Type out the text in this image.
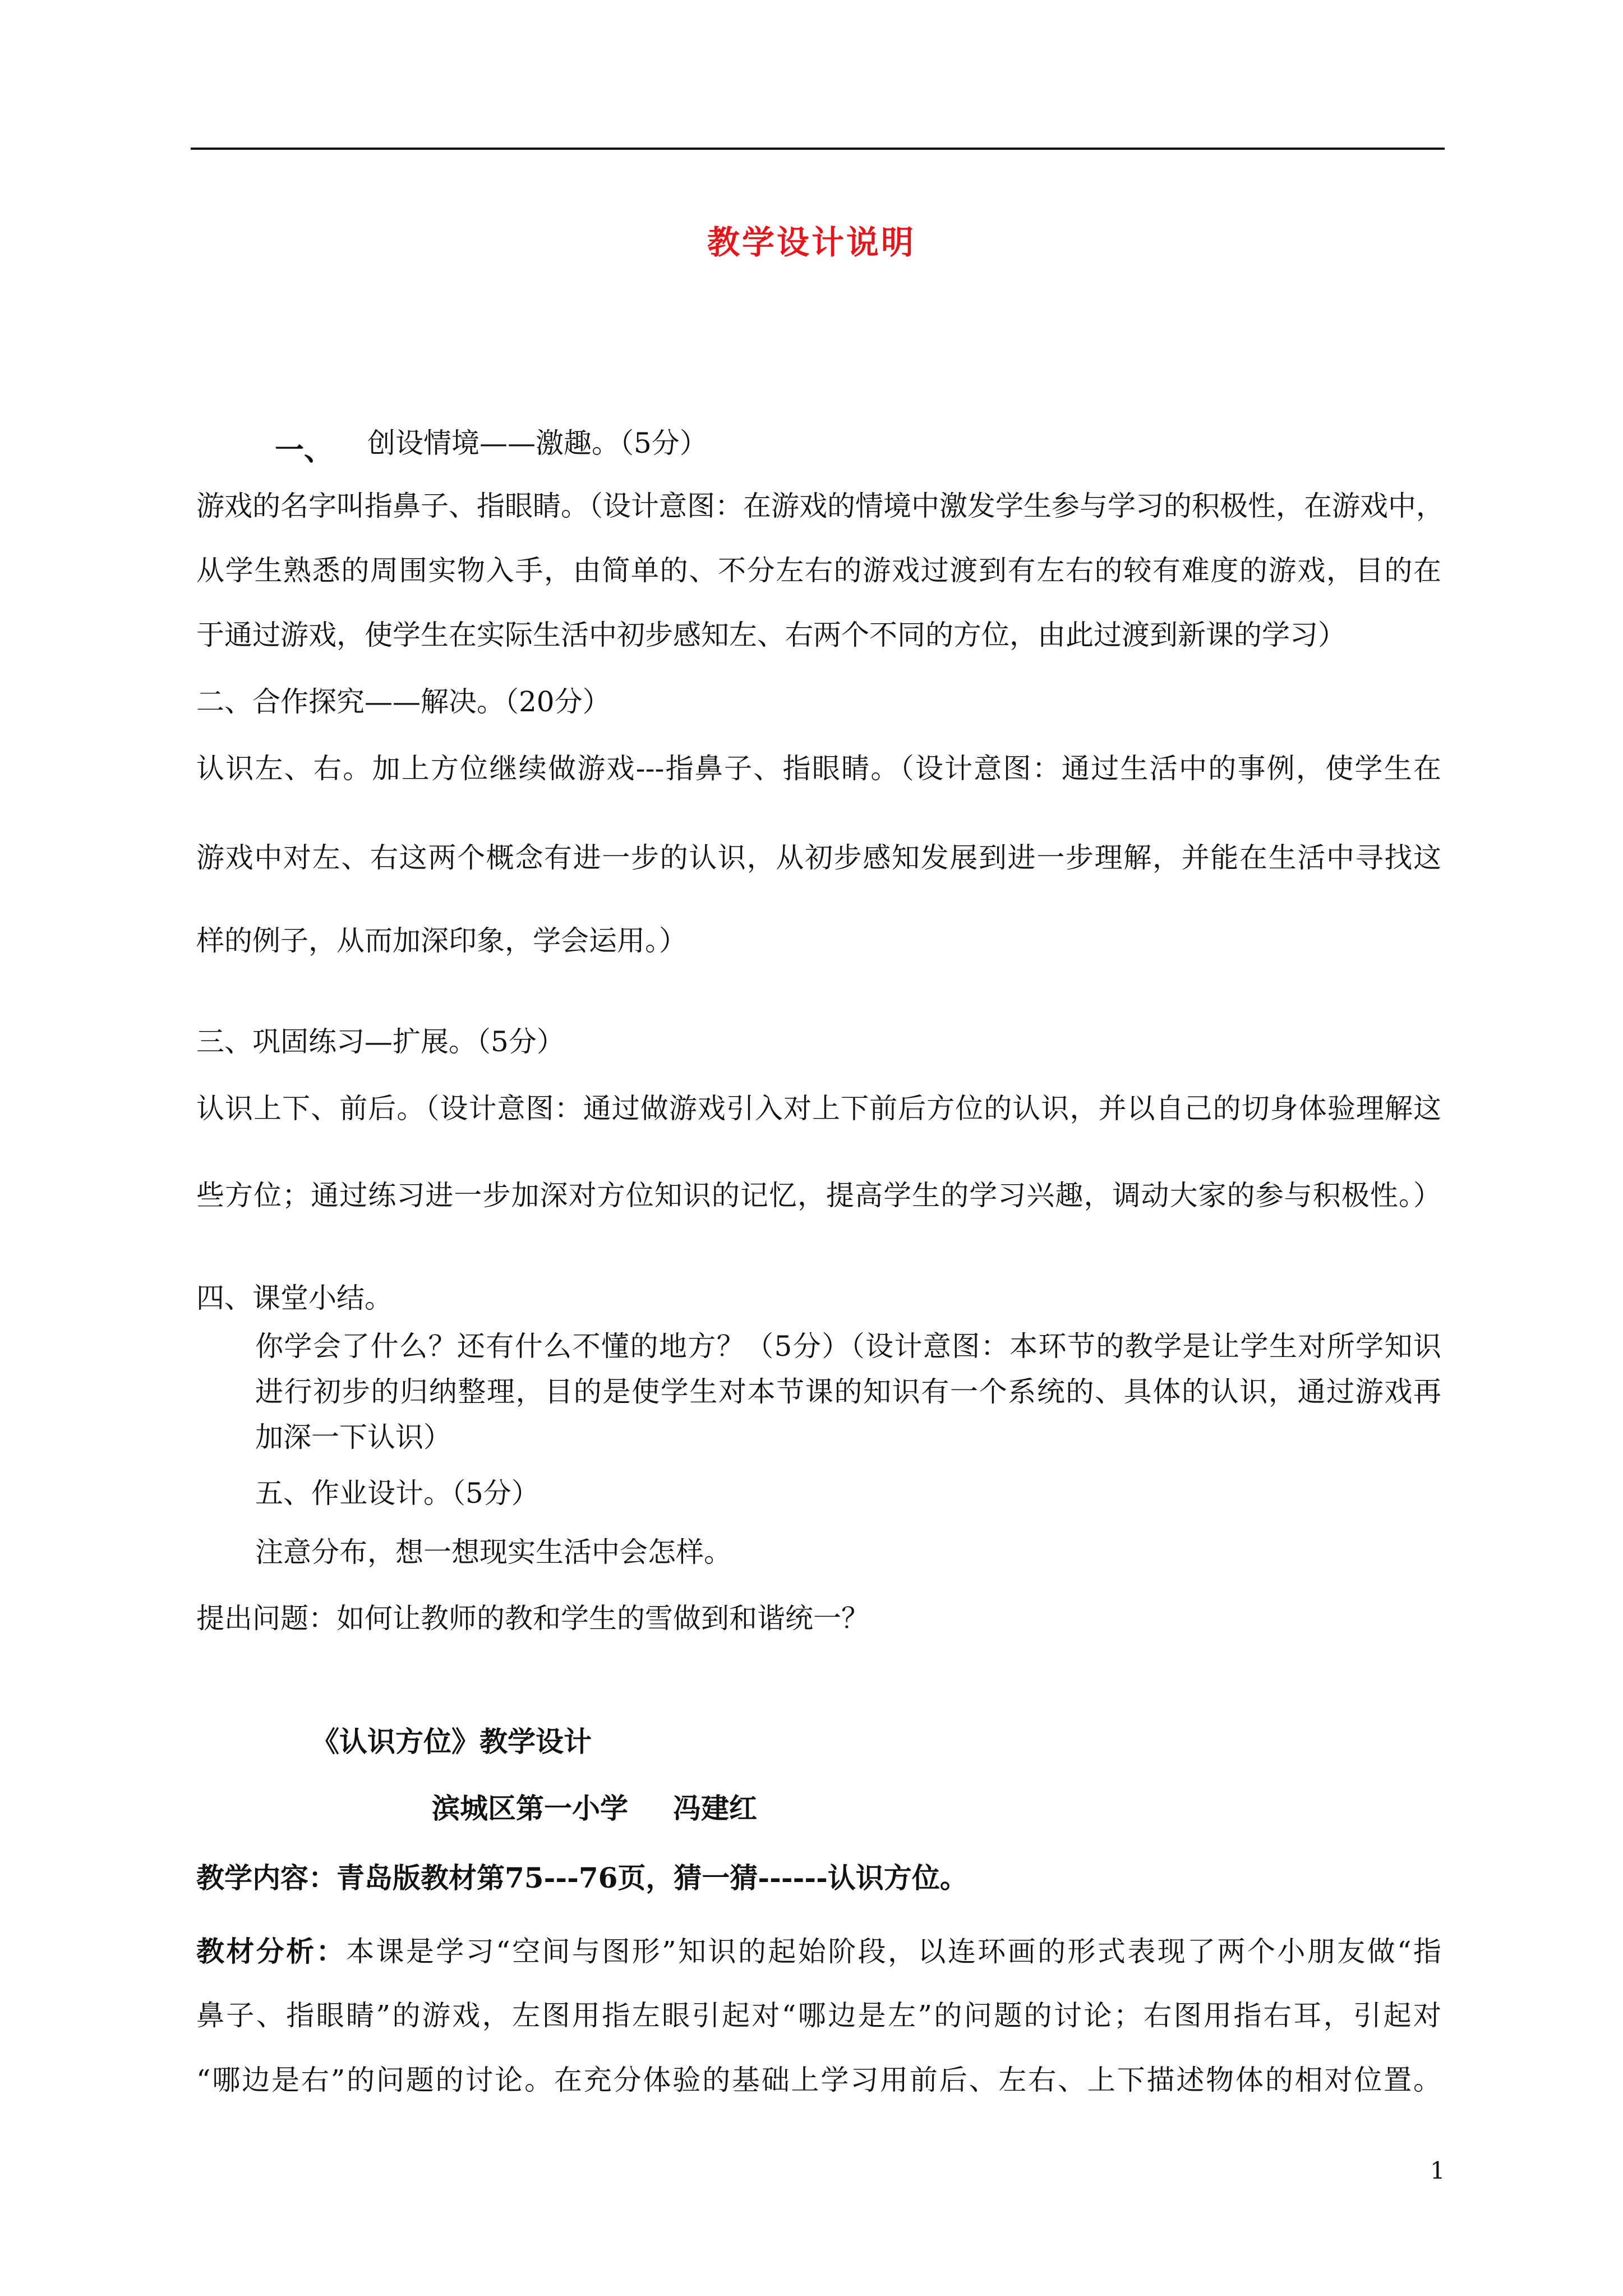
教学设计说明
一、 创设情境——激趣。（5分）
游戏的名字叫指鼻子、指眼睛。（设计意图：在游戏的情境中激发学生参与学习的积极性，在游戏中，
从学生熟悉的周围实物入手，由简单的、不分左右的游戏过渡到有左右的较有难度的游戏，目的在
于通过游戏，使学生在实际生活中初步感知左、右两个不同的方位，由此过渡到新课的学习）
二、合作探究——解决。（20分）
认识左、右。加上方位继续做游戏---指鼻子、指眼睛。（设计意图：通过生活中的事例，使学生在
游戏中对左、右这两个概念有进一步的认识，从初步感知发展到进一步理解，并能在生活中寻找这
样的例子，从而加深印象，学会运用。）
三、巩固练习—扩展。（5分）
认识上下、前后。（设计意图：通过做游戏引入对上下前后方位的认识，并以自己的切身体验理解这
些方位；通过练习进一步加深对方位知识的记忆，提高学生的学习兴趣，调动大家的参与积极性。）
四、课堂小结。
你学会了什么？还有什么不懂的地方？（5分）（设计意图：本环节的教学是让学生对所学知识
进行初步的归纳整理，目的是使学生对本节课的知识有一个系统的、具体的认识，通过游戏再
加深一下认识）
五、作业设计。（5分）
注意分布，想一想现实生活中会怎样。
提出问题：如何让教师的教和学生的雪做到和谐统一？
《认识方位》教学设计
滨城区第一小学 冯建红
教学内容：青岛版教材第75---76页，猜一猜------认识方位。
教材分析：本课是学习“空间与图形”知识的起始阶段，以连环画的形式表现了两个小朋友做“指
鼻子、指眼睛”的游戏，左图用指左眼引起对“哪边是左”的问题的讨论；右图用指右耳，引起对
“哪边是右”的问题的讨论。在充分体验的基础上学习用前后、左右、上下描述物体的相对位置。
1
